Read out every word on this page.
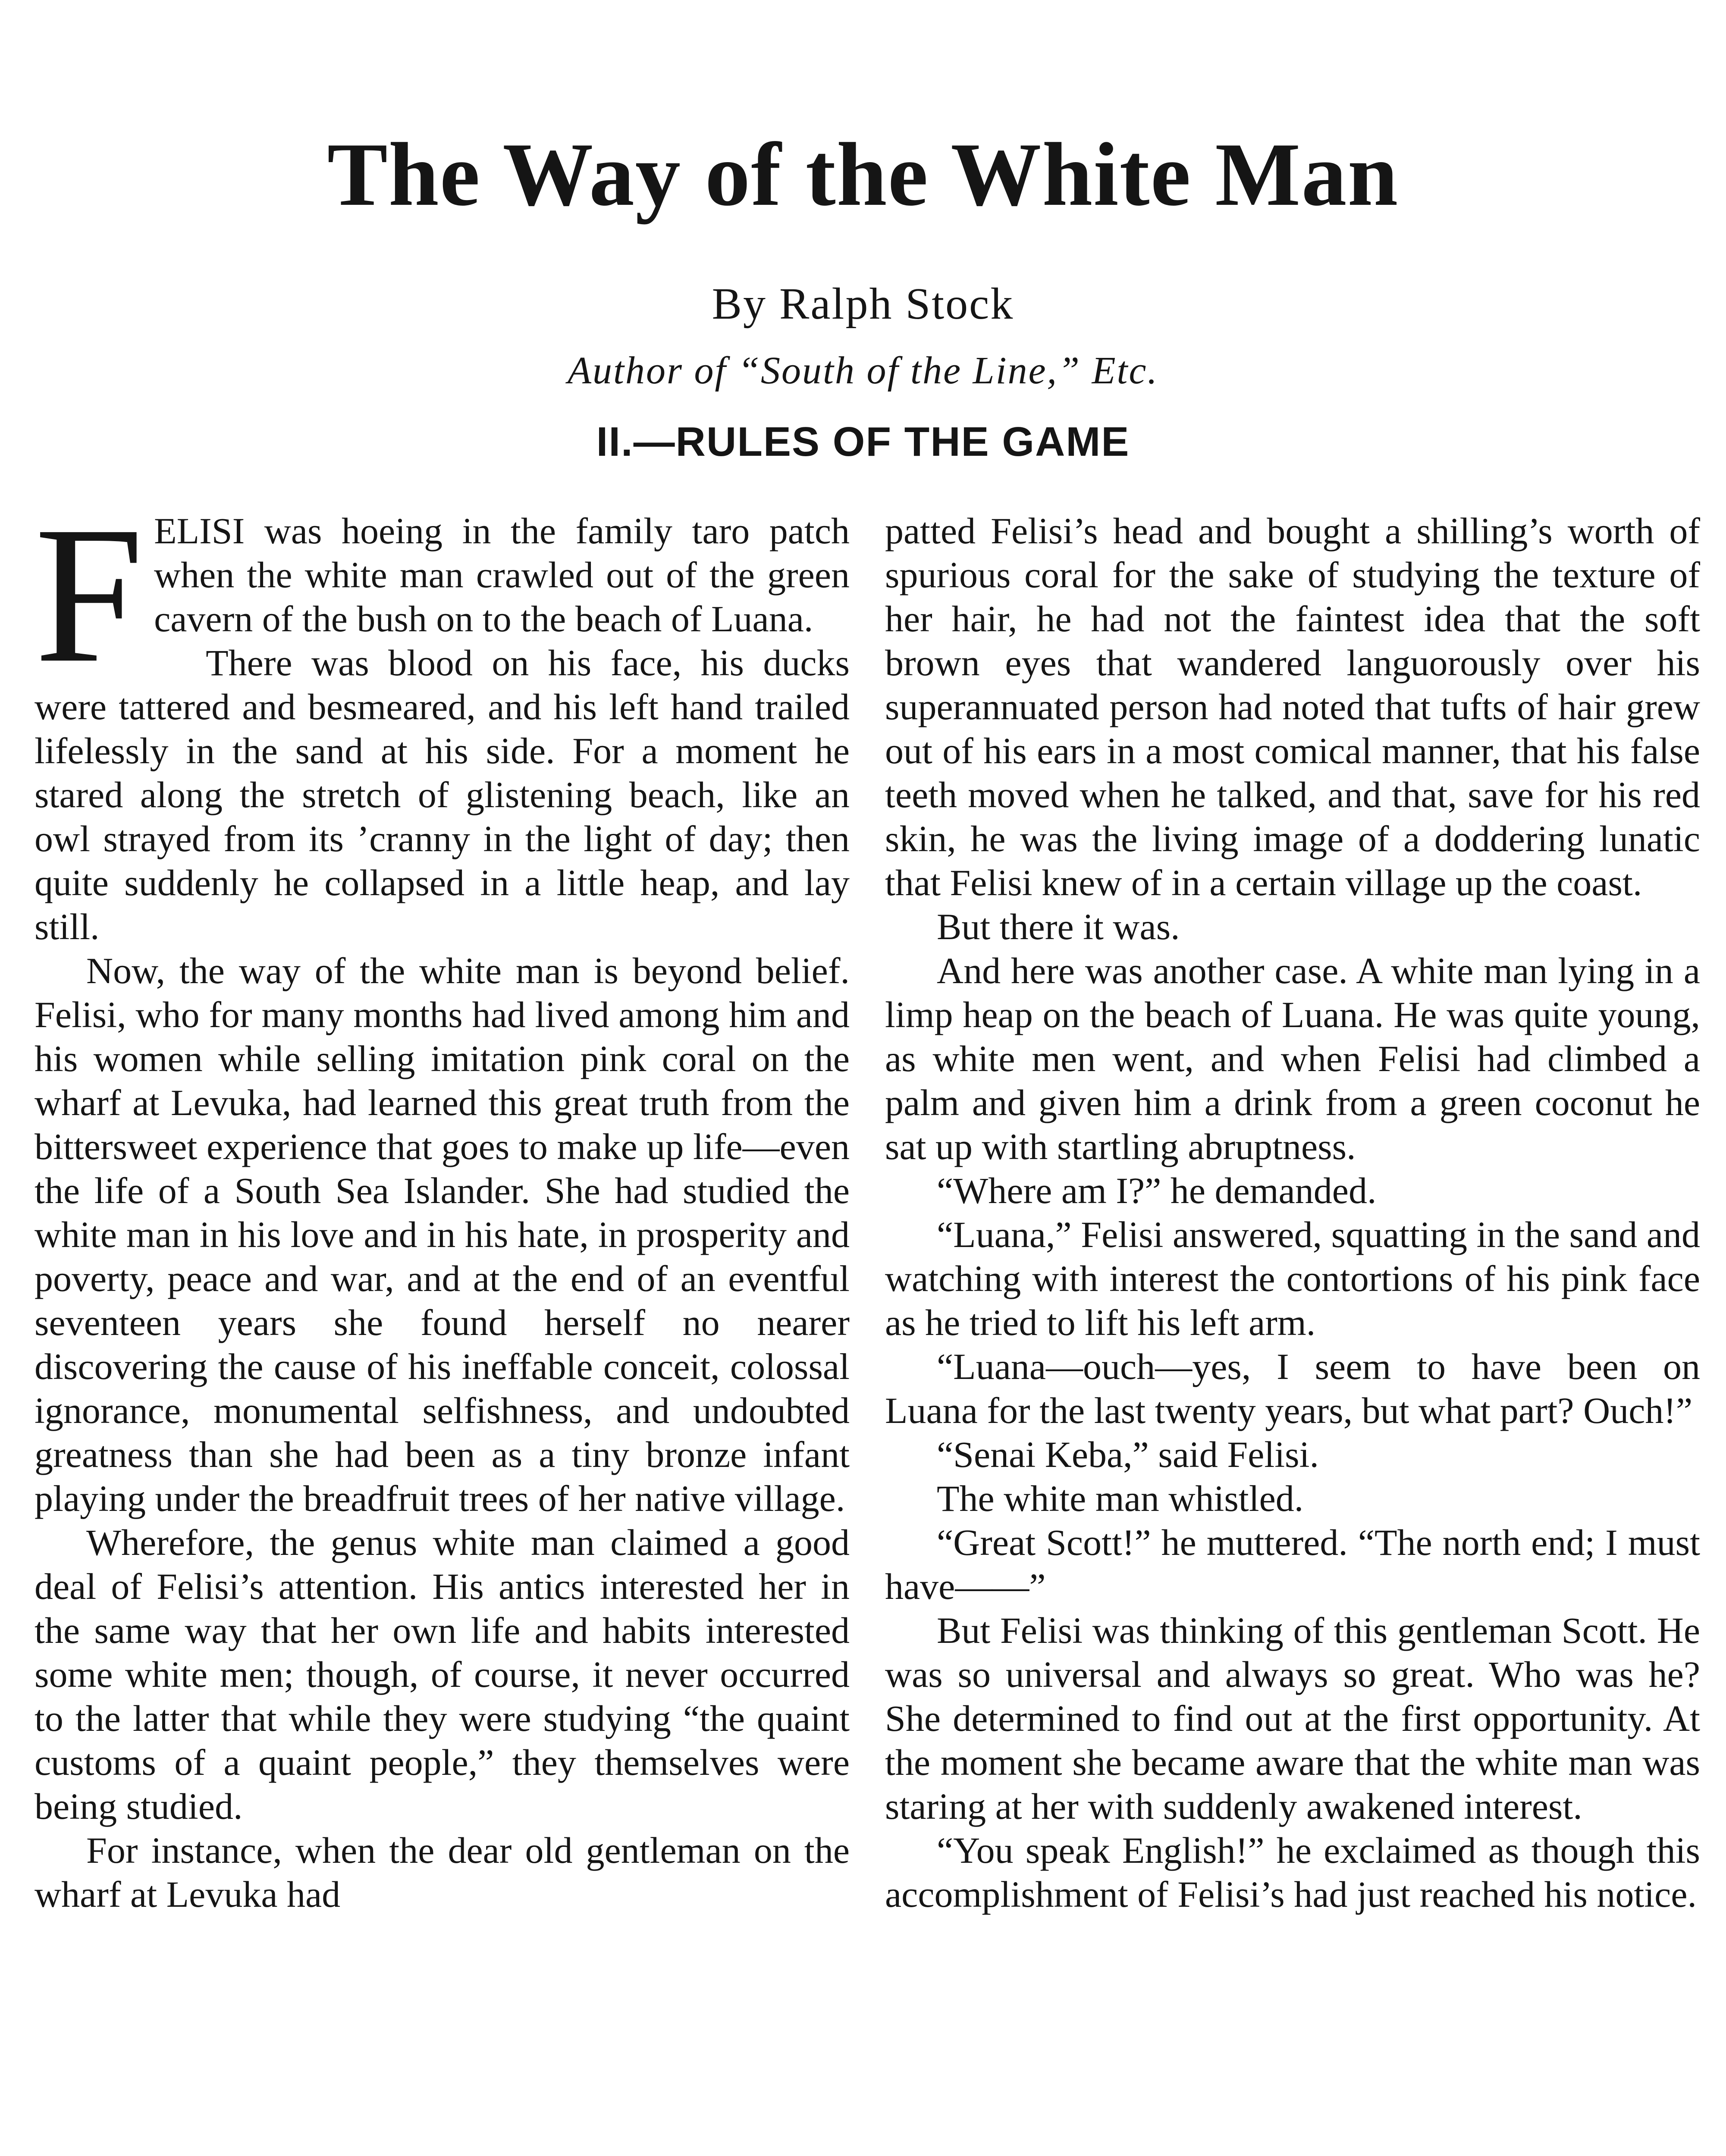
The Way of the White Man

By Ralph Stock

Author of “South of the Line,” Etc.

II.—RULES OF THE GAME

FELISI was hoeing in the family taro patch when the white man crawled out of the green cavern of the bush on to the beach of Luana.

There was blood on his face, his ducks were tattered and besmeared, and his left hand trailed lifelessly in the sand at his side. For a moment he stared along the stretch of glistening beach, like an owl strayed from its ’cranny in the light of day; then quite suddenly he collapsed in a little heap, and lay still.

Now, the way of the white man is beyond belief. Felisi, who for many months had lived among him and his women while selling imitation pink coral on the wharf at Levuka, had learned this great truth from the bittersweet experience that goes to make up life—even the life of a South Sea Islander. She had studied the white man in his love and in his hate, in prosperity and poverty, peace and war, and at the end of an eventful seventeen years she found herself no nearer discovering the cause of his ineffable conceit, colossal ignorance, monumental selfishness, and undoubted greatness than she had been as a tiny bronze infant playing under the breadfruit trees of her native village.

Wherefore, the genus white man claimed a good deal of Felisi’s attention. His antics interested her in the same way that her own life and habits interested some white men; though, of course, it never occurred to the latter that while they were studying “the quaint customs of a quaint people,” they themselves were being studied.

For instance, when the dear old gentleman on the wharf at Levuka had

patted Felisi’s head and bought a shilling’s worth of spurious coral for the sake of studying the texture of her hair, he had not the faintest idea that the soft brown eyes that wandered languorously over his superannuated person had noted that tufts of hair grew out of his ears in a most comical manner, that his false teeth moved when he talked, and that, save for his red skin, he was the living image of a doddering lunatic that Felisi knew of in a certain village up the coast.

But there it was.

And here was another case. A white man lying in a limp heap on the beach of Luana. He was quite young, as white men went, and when Felisi had climbed a palm and given him a drink from a green coconut he sat up with startling abruptness.

“Where am I?” he demanded.

“Luana,” Felisi answered, squatting in the sand and watching with interest the contortions of his pink face as he tried to lift his left arm.

“Luana—ouch—yes, I seem to have been on Luana for the last twenty years, but what part? Ouch!”

“Senai Keba,” said Felisi.

The white man whistled.

“Great Scott!” he muttered. “The north end; I must have——”

But Felisi was thinking of this gentleman Scott. He was so universal and always so great. Who was he? She determined to find out at the first opportunity. At the moment she became aware that the white man was staring at her with suddenly awakened interest.

“You speak English!” he exclaimed as though this accomplishment of Felisi’s had just reached his notice.
